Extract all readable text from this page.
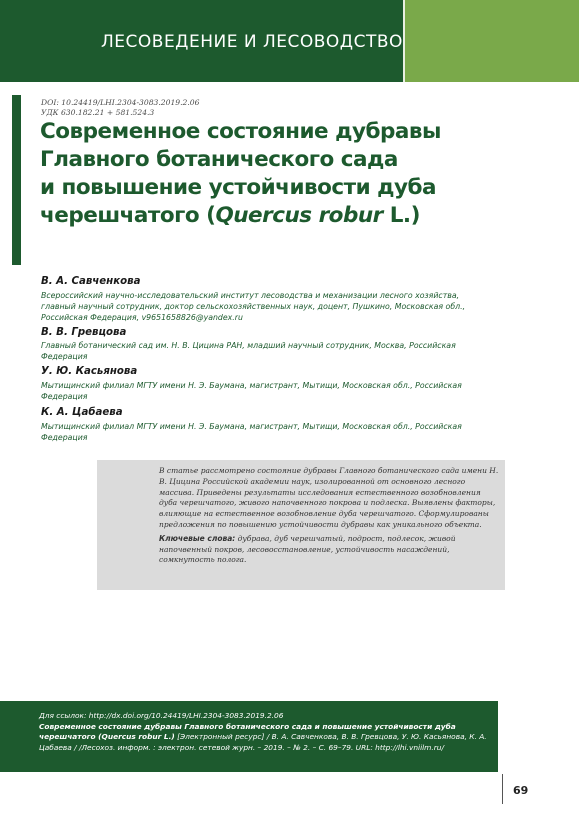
ЛЕСОВЕДЕНИЕ И ЛЕСОВОДСТВО
DOI: 10.24419/LHI.2304-3083.2019.2.06
УДК 630.182.21 + 581.524.3
Современное состояние дубравы
Главного ботанического сада
и повышение устойчивости дуба
черешчатого (Quercus robur L.)
В. А. Савченкова
Всероссийский научно-исследовательский институт лесоводства и механизации лесного хозяйства, главный научный сотрудник, доктор сельскохозяйственных наук, доцент, Пушкино, Московская обл., Российская Федерация, v9651658826@yandex.ru
В. В. Гревцова
Главный ботанический сад им. Н. В. Цицина РАН, младший научный сотрудник, Москва, Российская Федерация
У. Ю. Касьянова
Мытищинский филиал МГТУ имени Н. Э. Баумана, магистрант, Мытищи, Московская обл., Российская Федерация
К. А. Цабаева
Мытищинский филиал МГТУ имени Н. Э. Баумана, магистрант, Мытищи, Московская обл., Российская Федерация
В статье рассмотрено состояние дубравы Главного ботанического сада имени Н. В. Цицина Российской академии наук, изолированной от основного лесного массива. Приведены результаты исследования естественного возобновления дуба черешчатого, живого напочвенного покрова и подлеска. Выявлены факторы, влияющие на естественное возобновление дуба черешчатого. Сформулированы предложения по повышению устойчивости дубравы как уникального объекта.
Ключевые слова: дубрава, дуб черешчатый, подрост, подлесок, живой напочвенный покров, лесовосстановление, устойчивость насаждений, сомкнутость полога.
Для ссылок: http://dx.doi.org/10.24419/LHI.2304-3083.2019.2.06
Современное состояние дубравы Главного ботанического сада и повышение устойчивости дуба черешчатого (Quercus robur L.) [Электронный ресурс] / В. А. Савченкова, В. В. Гревцова, У. Ю. Касьянова, К. А. Цабаева / /Лесохоз. информ. : электрон. сетевой журн. – 2019. – № 2. – С. 69–79. URL: http://lhi.vniilm.ru/
69
